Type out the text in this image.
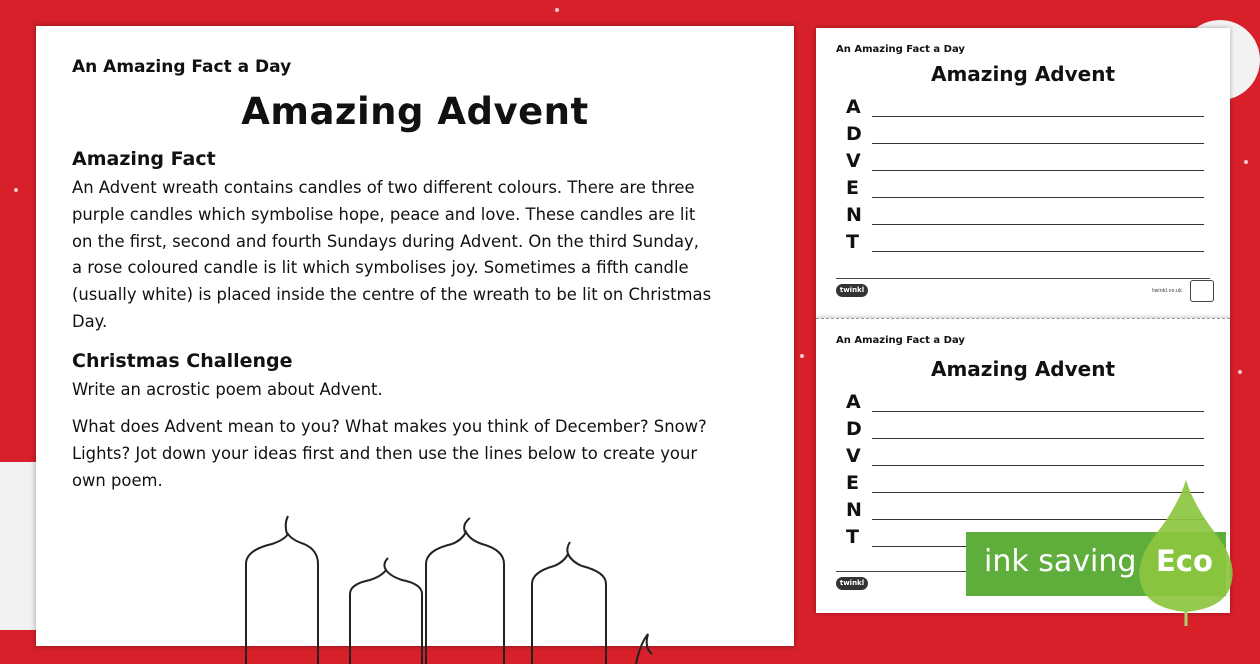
An Amazing Fact a Day
Amazing Advent
Amazing Fact
An Advent wreath contains candles of two different colours. There are three
purple candles which symbolise hope, peace and love. These candles are lit
on the first, second and fourth Sundays during Advent. On the third Sunday,
a rose coloured candle is lit which symbolises joy. Sometimes a fifth candle
(usually white) is placed inside the centre of the wreath to be lit on Christmas
Day.
Christmas Challenge
Write an acrostic poem about Advent.
What does Advent mean to you? What makes you think of December? Snow?
Lights? Jot down your ideas first and then use the lines below to create your
own poem.
An Amazing Fact a Day
Amazing Advent
A
D
V
E
N
T
twinkl	twinkl.co.uk
An Amazing Fact a Day
Amazing Advent
A
D
V
E
N
T
twinkl
ink saving Eco
